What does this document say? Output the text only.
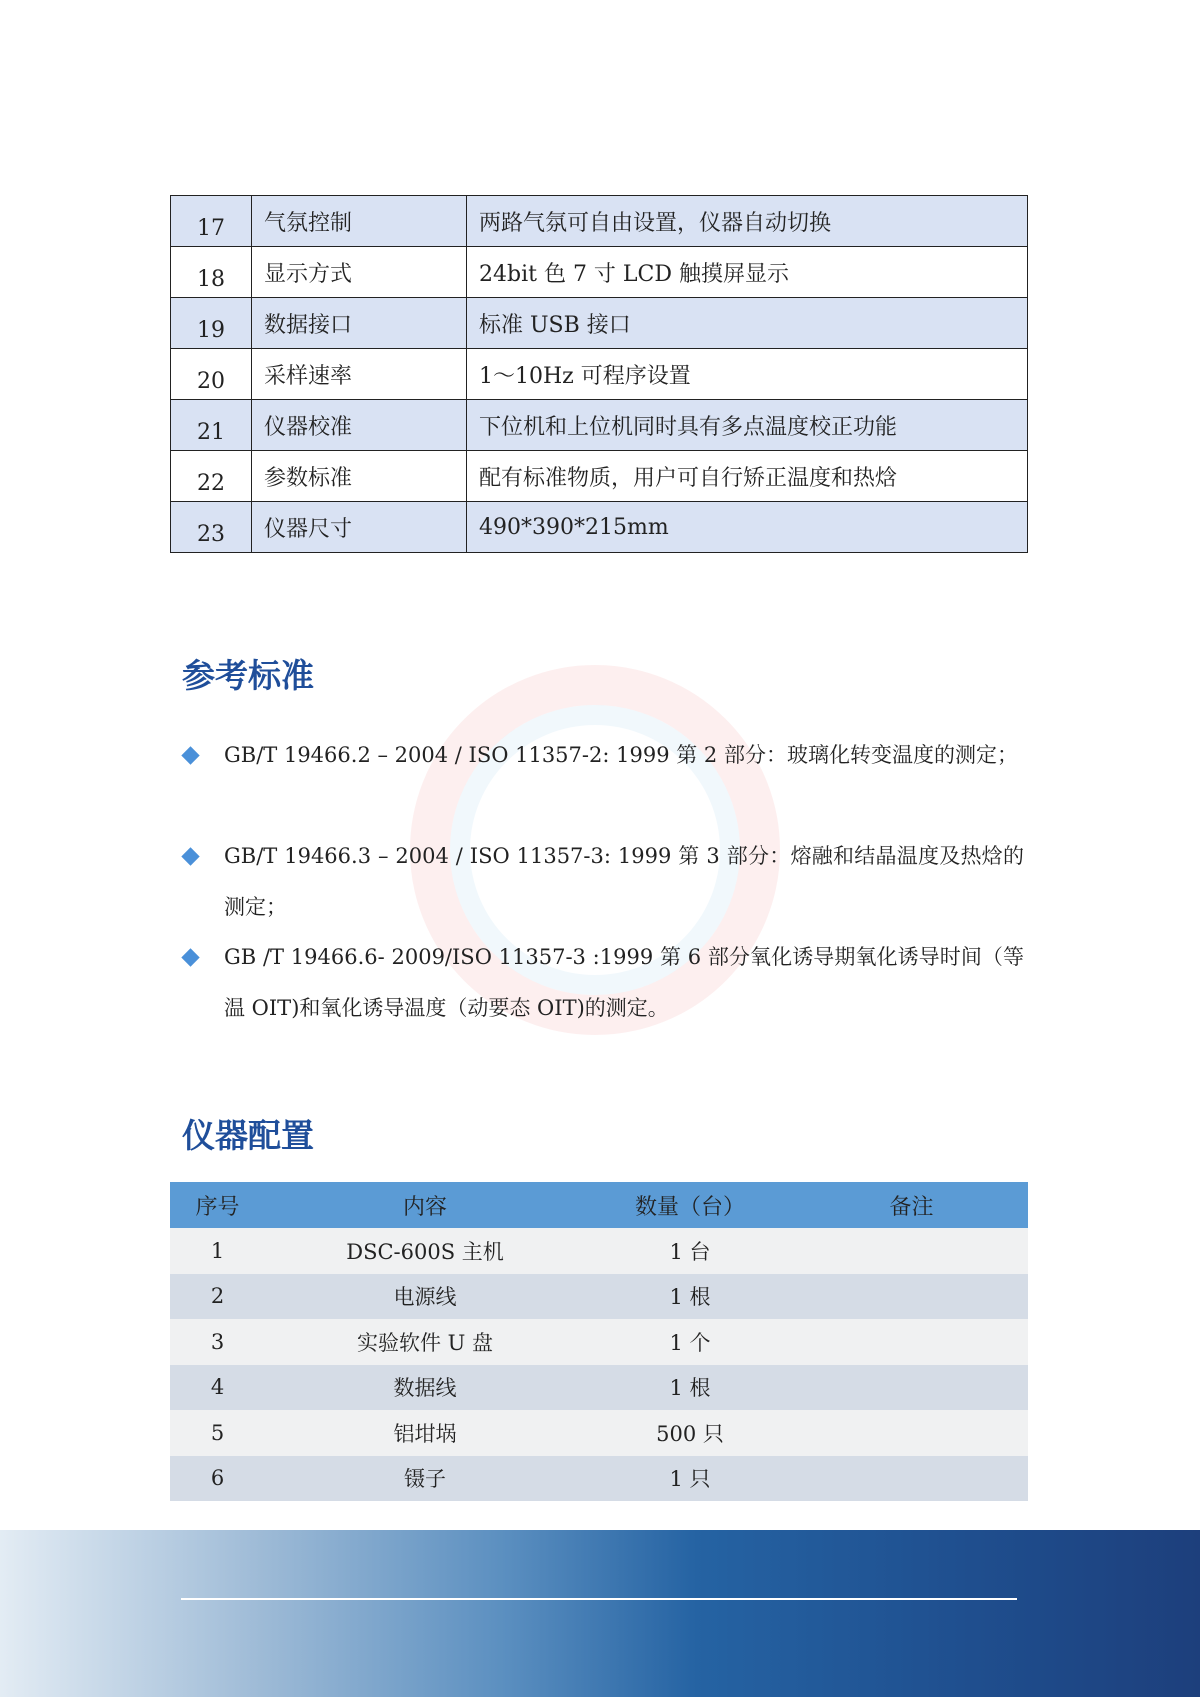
17	气氛控制	两路气氛可自由设置，仪器自动切换
18	显示方式	24bit 色 7 寸 LCD 触摸屏显示
19	数据接口	标准 USB 接口
20	采样速率	1～10Hz 可程序设置
21	仪器校准	下位机和上位机同时具有多点温度校正功能
22	参数标准	配有标准物质，用户可自行矫正温度和热焓
23	仪器尺寸	490*390*215mm
参考标准

GB/T 19466.2 – 2004 / ISO 11357-2: 1999 第 2 部分：玻璃化转变温度的测定；

GB/T 19466.3 – 2004 / ISO 11357-3: 1999 第 3 部分：熔融和结晶温度及热焓的测定；

GB /T 19466.6- 2009/ISO 11357-3 :1999 第 6 部分氧化诱导期氧化诱导时间（等温 OIT)和氧化诱导温度（动要态 OIT)的测定。

仪器配置
序号	内容	数量（台）	备注
1	DSC-600S 主机	1 台	
2	电源线	1 根	
3	实验软件 U 盘	1 个	
4	数据线	1 根	
5	铝坩埚	500 只	
6	镊子	1 只	
